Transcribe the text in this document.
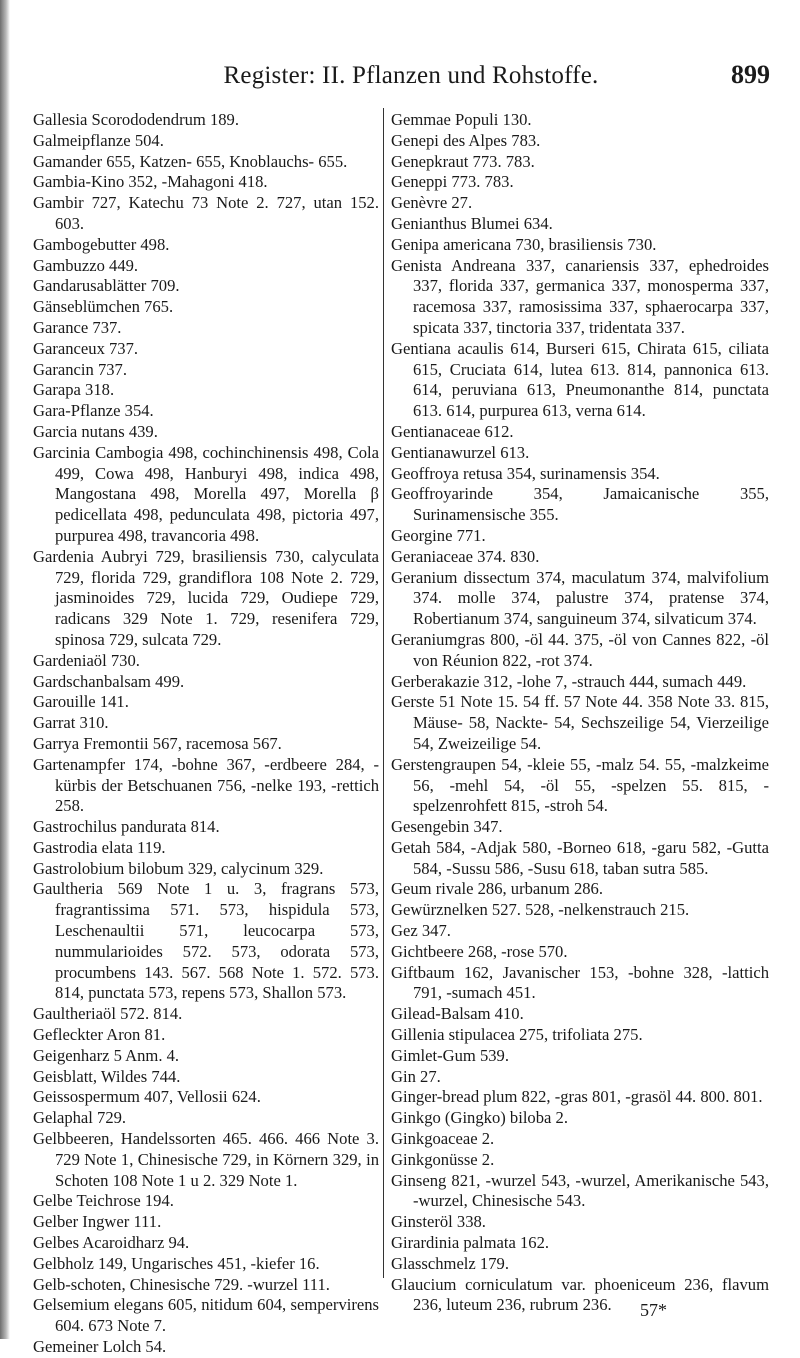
Register: II. Pflanzen und Rohstoffe.	899
Gallesia Scorododendrum 189.
Galmeipflanze 504.
Gamander 655, Katzen- 655, Knoblauchs- 655.
Gambia-Kino 352, -Mahagoni 418.
Gambir 727, Katechu 73 Note 2. 727, utan 152. 603.
Gambogebutter 498.
Gambuzzo 449.
Gandarusablätter 709.
Gänseblümchen 765.
Garance 737.
Garanceux 737.
Garancin 737.
Garapa 318.
Gara-Pflanze 354.
Garcia nutans 439.
Garcinia Cambogia 498, cochinchinensis 498, Cola 499, Cowa 498, Hanburyi 498, indica 498, Mangostana 498, Morella 497, Morella β pedicellata 498, pedunculata 498, pictoria 497, purpurea 498, travancoria 498.
Gardenia Aubryi 729, brasiliensis 730, calyculata 729, florida 729, grandiflora 108 Note 2. 729, jasminoides 729, lucida 729, Oudiepe 729, radicans 329 Note 1. 729, resenifera 729, spinosa 729, sulcata 729.
Gardeniaöl 730.
Gardschanbalsam 499.
Garouille 141.
Garrat 310.
Garrya Fremontii 567, racemosa 567.
Gartenampfer 174, -bohne 367, -erdbeere 284, -kürbis der Betschuanen 756, -nelke 193, -rettich 258.
Gastrochilus pandurata 814.
Gastrodia elata 119.
Gastrolobium bilobum 329, calycinum 329.
Gaultheria 569 Note 1 u. 3, fragrans 573, fragrantissima 571. 573, hispidula 573, Leschenaultii 571, leucocarpa 573, nummularioides 572. 573, odorata 573, procumbens 143. 567. 568 Note 1. 572. 573. 814, punctata 573, repens 573, Shallon 573.
Gaultheriaöl 572. 814.
Gefleckter Aron 81.
Geigenharz 5 Anm. 4.
Geisblatt, Wildes 744.
Geissospermum 407, Vellosii 624.
Gelaphal 729.
Gelbbeeren, Handelssorten 465. 466. 466 Note 3. 729 Note 1, Chinesische 729, in Körnern 329, in Schoten 108 Note 1 u 2. 329 Note 1.
Gelbe Teichrose 194.
Gelber Ingwer 111.
Gelbes Acaroidharz 94.
Gelbholz 149, Ungarisches 451, -kiefer 16.
Gelb-schoten, Chinesische 729. -wurzel 111.
Gelsemium elegans 605, nitidum 604, sempervirens 604. 673 Note 7.
Gemeiner Lolch 54.
Gemmae Populi 130.
Genepi des Alpes 783.
Genepkraut 773. 783.
Geneppi 773. 783.
Genèvre 27.
Genianthus Blumei 634.
Genipa americana 730, brasiliensis 730.
Genista Andreana 337, canariensis 337, ephedroides 337, florida 337, germanica 337, monosperma 337, racemosa 337, ramosissima 337, sphaerocarpa 337, spicata 337, tinctoria 337, tridentata 337.
Gentiana acaulis 614, Burseri 615, Chirata 615, ciliata 615, Cruciata 614, lutea 613. 814, pannonica 613. 614, peruviana 613, Pneumonanthe 814, punctata 613. 614, purpurea 613, verna 614.
Gentianaceae 612.
Gentianawurzel 613.
Geoffroya retusa 354, surinamensis 354.
Geoffroyarinde 354, Jamaicanische 355, Surinamensische 355.
Georgine 771.
Geraniaceae 374. 830.
Geranium dissectum 374, maculatum 374, malvifolium 374. molle 374, palustre 374, pratense 374, Robertianum 374, sanguineum 374, silvaticum 374.
Geraniumgras 800, -öl 44. 375, -öl von Cannes 822, -öl von Réunion 822, -rot 374.
Gerberakazie 312, -lohe 7, -strauch 444, sumach 449.
Gerste 51 Note 15. 54 ff. 57 Note 44. 358 Note 33. 815, Mäuse- 58, Nackte- 54, Sechszeilige 54, Vierzeilige 54, Zweizeilige 54.
Gerstengraupen 54, -kleie 55, -malz 54. 55, -malzkeime 56, -mehl 54, -öl 55, -spelzen 55. 815, -spelzenrohfett 815, -stroh 54.
Gesengebin 347.
Getah 584, -Adjak 580, -Borneo 618, -garu 582, -Gutta 584, -Sussu 586, -Susu 618, taban sutra 585.
Geum rivale 286, urbanum 286.
Gewürznelken 527. 528, -nelkenstrauch 215.
Gez 347.
Gichtbeere 268, -rose 570.
Giftbaum 162, Javanischer 153, -bohne 328, -lattich 791, -sumach 451.
Gilead-Balsam 410.
Gillenia stipulacea 275, trifoliata 275.
Gimlet-Gum 539.
Gin 27.
Ginger-bread plum 822, -gras 801, -grasöl 44. 800. 801.
Ginkgo (Gingko) biloba 2.
Ginkgoaceae 2.
Ginkgonüsse 2.
Ginseng 821, -wurzel 543, -wurzel, Amerikanische 543, -wurzel, Chinesische 543.
Ginsteröl 338.
Girardinia palmata 162.
Glasschmelz 179.
Glaucium corniculatum var. phoeniceum 236, flavum 236, luteum 236, rubrum 236.	57*
